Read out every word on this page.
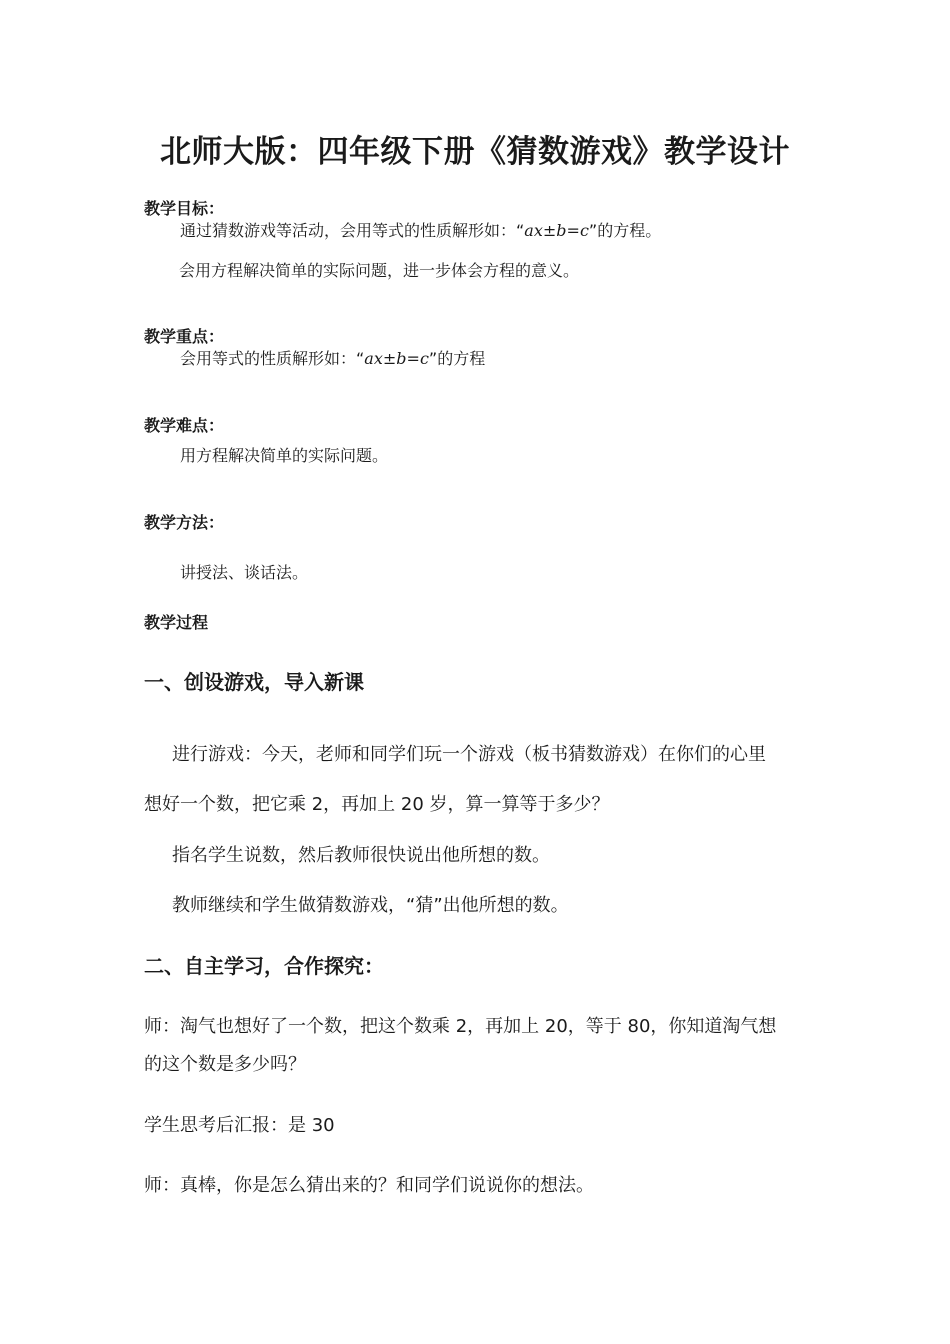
北师大版：四年级下册《猜数游戏》教学设计
教学目标：
通过猜数游戏等活动，会用等式的性质解形如：“ax±b=c”的方程。
会用方程解决简单的实际问题，进一步体会方程的意义。
教学重点：
会用等式的性质解形如：“ax±b=c”的方程
教学难点：
用方程解决简单的实际问题。
教学方法：
讲授法、谈话法。
教学过程
一、创设游戏，导入新课
进行游戏：今天，老师和同学们玩一个游戏（板书猜数游戏）在你们的心里
想好一个数，把它乘 2，再加上 20 岁，算一算等于多少？
指名学生说数，然后教师很快说出他所想的数。
教师继续和学生做猜数游戏，“猜”出他所想的数。
二、自主学习，合作探究：
师：淘气也想好了一个数，把这个数乘 2，再加上 20，等于 80，你知道淘气想
的这个数是多少吗？
学生思考后汇报：是 30
师：真棒，你是怎么猜出来的？和同学们说说你的想法。
